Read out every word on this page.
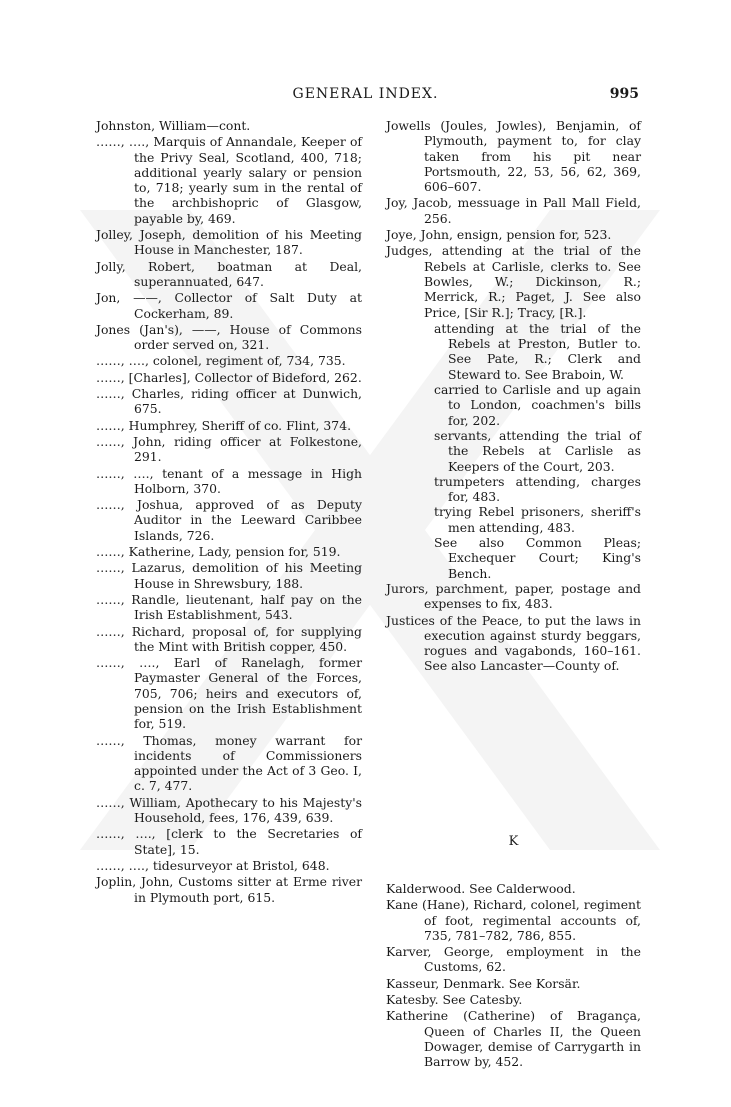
GENERAL INDEX.	995
Johnston, William—cont.
……, …., Marquis of Annandale, Keeper of the Privy Seal, Scotland, 400, 718; additional yearly salary or pension to, 718; yearly sum in the rental of the archbishopric of Glasgow, payable by, 469.
Jolley, Joseph, demolition of his Meeting House in Manchester, 187.
Jolly, Robert, boatman at Deal, superannuated, 647.
Jon, ——, Collector of Salt Duty at Cockerham, 89.
Jones (Jan's), ——, House of Commons order served on, 321.
……, …., colonel, regiment of, 734, 735.
……, [Charles], Collector of Bideford, 262.
……, Charles, riding officer at Dunwich, 675.
……, Humphrey, Sheriff of co. Flint, 374.
……, John, riding officer at Folkestone, 291.
……, …., tenant of a message in High Holborn, 370.
……, Joshua, approved of as Deputy Auditor in the Leeward Caribbee Islands, 726.
……, Katherine, Lady, pension for, 519.
……, Lazarus, demolition of his Meeting House in Shrewsbury, 188.
……, Randle, lieutenant, half pay on the Irish Establishment, 543.
……, Richard, proposal of, for supplying the Mint with British copper, 450.
……, …., Earl of Ranelagh, former Paymaster General of the Forces, 705, 706; heirs and executors of, pension on the Irish Establishment for, 519.
……, Thomas, money warrant for incidents of Commissioners appointed under the Act of 3 Geo. I, c. 7, 477.
……, William, Apothecary to his Majesty's Household, fees, 176, 439, 639.
……, …., [clerk to the Secretaries of State], 15.
……, …., tidesurveyor at Bristol, 648.
Joplin, John, Customs sitter at Erme river in Plymouth port, 615.
Jowells (Joules, Jowles), Benjamin, of Plymouth, payment to, for clay taken from his pit near Portsmouth, 22, 53, 56, 62, 369, 606–607.
Joy, Jacob, messuage in Pall Mall Field, 256.
Joye, John, ensign, pension for, 523.
Judges, attending at the trial of the Rebels at Carlisle, clerks to. See Bowles, W.; Dickinson, R.; Merrick, R.; Paget, J. See also Price, [Sir R.]; Tracy, [R.].
attending at the trial of the Rebels at Preston, Butler to. See Pate, R.; Clerk and Steward to. See Braboin, W.
carried to Carlisle and up again to London, coachmen's bills for, 202.
servants, attending the trial of the Rebels at Carlisle as Keepers of the Court, 203.
trumpeters attending, charges for, 483.
trying Rebel prisoners, sheriff's men attending, 483.
See also Common Pleas; Exchequer Court; King's Bench.
Jurors, parchment, paper, postage and expenses to fix, 483.
Justices of the Peace, to put the laws in execution against sturdy beggars, rogues and vagabonds, 160–161. See also Lancaster—County of.
K
Kalderwood. See Calderwood.
Kane (Hane), Richard, colonel, regiment of foot, regimental accounts of, 735, 781–782, 786, 855.
Karver, George, employment in the Customs, 62.
Kasseur, Denmark. See Korsär.
Katesby. See Catesby.
Katherine (Catherine) of Bragança, Queen of Charles II, the Queen Dowager, demise of Carrygarth in Barrow by, 452.
